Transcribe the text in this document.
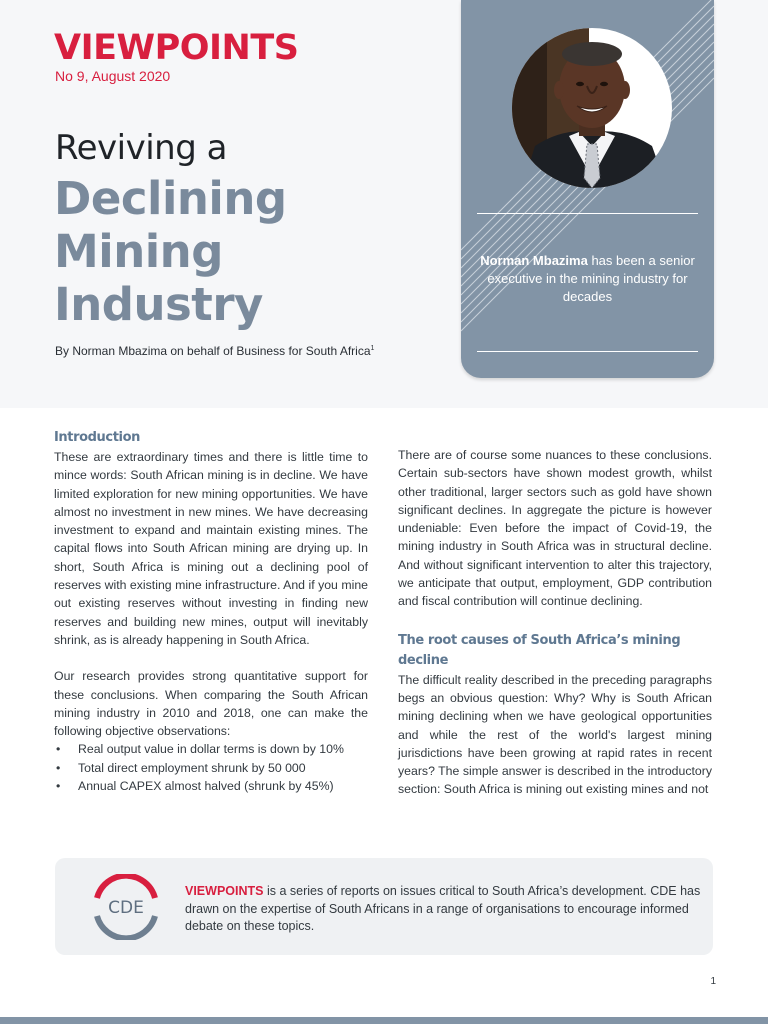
VIEWPOINTS
No 9, August 2020
Reviving a
Declining
Mining
Industry
By Norman Mbazima on behalf of Business for South Africa$^1$
Norman Mbazima has been a senior executive in the mining industry for decades
Introduction

These are extraordinary times and there is little time to mince words: South African mining is in decline. We have limited exploration for new mining opportunities. We have almost no investment in new mines. We have decreasing investment to expand and maintain existing mines. The capital flows into South African mining are drying up. In short, South Africa is mining out a declining pool of reserves with existing mine infrastructure. And if you mine out existing reserves without investing in finding new reserves and building new mines, output will inevitably shrink, as is already happening in South Africa.

Our research provides strong quantitative support for these conclusions. When comparing the South African mining industry in 2010 and 2018, one can make the following objective observations:

• Real output value in dollar terms is down by 10%
• Total direct employment shrunk by 50 000
• Annual CAPEX almost halved (shrunk by 45%)

There are of course some nuances to these conclusions. Certain sub-sectors have shown modest growth, whilst other traditional, larger sectors such as gold have shown significant declines. In aggregate the picture is however undeniable: Even before the impact of Covid-19, the mining industry in South Africa was in structural decline. And without significant intervention to alter this trajectory, we anticipate that output, employment, GDP contribution and fiscal contribution will continue declining.

The root causes of South Africa’s mining decline

The difficult reality described in the preceding paragraphs begs an obvious question: Why? Why is South African mining declining when we have geological opportunities and while the rest of the world's largest mining jurisdictions have been growing at rapid rates in recent years? The simple answer is described in the introductory section: South Africa is mining out existing mines and not

CDE
VIEWPOINTS is a series of reports on issues critical to South Africa’s development. CDE has drawn on the expertise of South Africans in a range of organisations to encourage informed debate on these topics.
1
